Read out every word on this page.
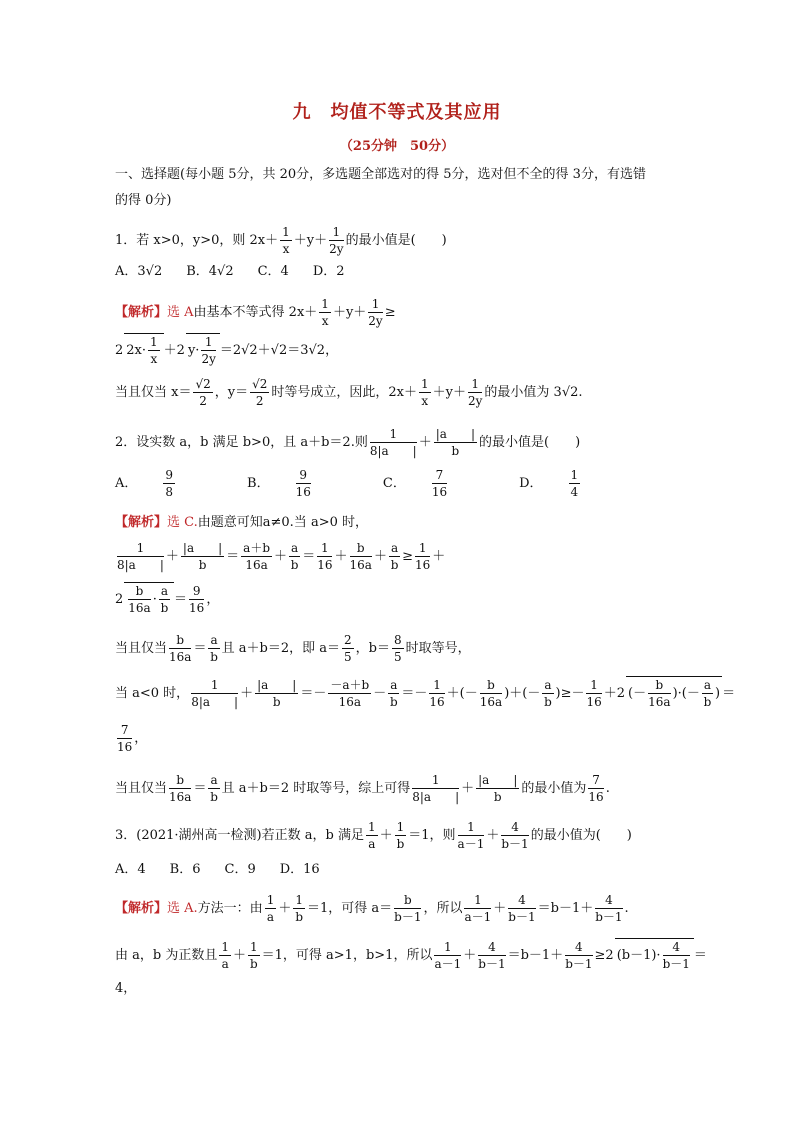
九　均值不等式及其应用
（25分钟　50分）
一、选择题(每小题 5分，共 20分，多选题全部选对的得 5分，选对但不全的得 3分，有选错
的得 0分)
1．若 x>0，y>0，则 $2x+ \frac{1}{x} +y+ \frac{1}{2y}$ 的最小值是(　　)
A．3√2 B．4√2 C．4 D．2
【解析】选 A由基本不等式得 $2x+ \frac{1}{x} +y+ \frac{1}{2y}$ ≥
2 $2x\cdot \frac{1}{x} +2$ $y\cdot \frac{1}{2y} =2√2+√2=3√2$，
当且仅当 $x= \frac{√2}{2}$ ，$y= \frac{√2}{2}$ 时等号成立，因此，$2x+ \frac{1}{x} +y+ \frac{1}{2y}$ 的最小值为 3√2.
2．设实数 a，b 满足 b>0，且 a＋b＝2.则 $\frac{1}{8|a |} + \frac{|a |}{b}$ 的最小值是(　　)
A． $\frac{9}{8}$	B． $\frac{9}{16}$	C． $\frac{7}{16}$	D． $\frac{1}{4}$
【解析】选 C.由题意可知a≠0.当 a>0 时，
$\frac{1}{8|a |} + \frac{|a |}{b} = \frac{a+b}{16a} + \frac{a}{b} = \frac{1}{16} + \frac{b}{16a} + \frac{a}{b} \ge \frac{1}{16}$ ＋
$2 \frac{b}{16a} \cdot \frac{a}{b} = \frac{9}{16}$ ，
当且仅当 $\frac{b}{16a} = \frac{a}{b}$ 且 a＋b＝2，即 $a= \frac{2}{5}$ ，$b= \frac{8}{5}$ 时取等号，
当 a<0 时， $\frac{1}{8|a |} + \frac{|a |}{b} =- \frac{-a+b}{16a} - \frac{a}{b} =- \frac{1}{16}$ ＋(－ $\frac{b}{16a}$ )＋(－ $\frac{a}{b}$ )≥－ $\frac{1}{16} +2$ (－ $\frac{b}{16a}$ )·(－ $\frac{a}{b}$ ) ＝
$\frac{7}{16}$ ，
当且仅当 $\frac{b}{16a} = \frac{a}{b}$ 且 a＋b＝2 时取等号，综上可得 $\frac{1}{8|a |} + \frac{|a |}{b}$ 的最小值为 $\frac{7}{16}$ .
3．(2021·湖州高一检测)若正数 a，b 满足 $\frac{1}{a} + \frac{1}{b} =1$，则 $\frac{1}{a-1} + \frac{4}{b-1}$ 的最小值为(　　)
A．4 B．6 C．9 D．16
【解析】选 A.方法一：由 $\frac{1}{a} + \frac{1}{b} =1$，可得 $a= \frac{b}{b-1}$ ，所以 $\frac{1}{a-1} + \frac{4}{b-1} =b-1+ \frac{4}{b-1}$ .
由 a，b 为正数且 $\frac{1}{a} + \frac{1}{b} =1$，可得 a>1，b>1，所以 $\frac{1}{a-1} + \frac{4}{b-1} =b-1+ \frac{4}{b-1} \ge 2$ $(b-1)\cdot \frac{4}{b-1}$ ＝
4，
